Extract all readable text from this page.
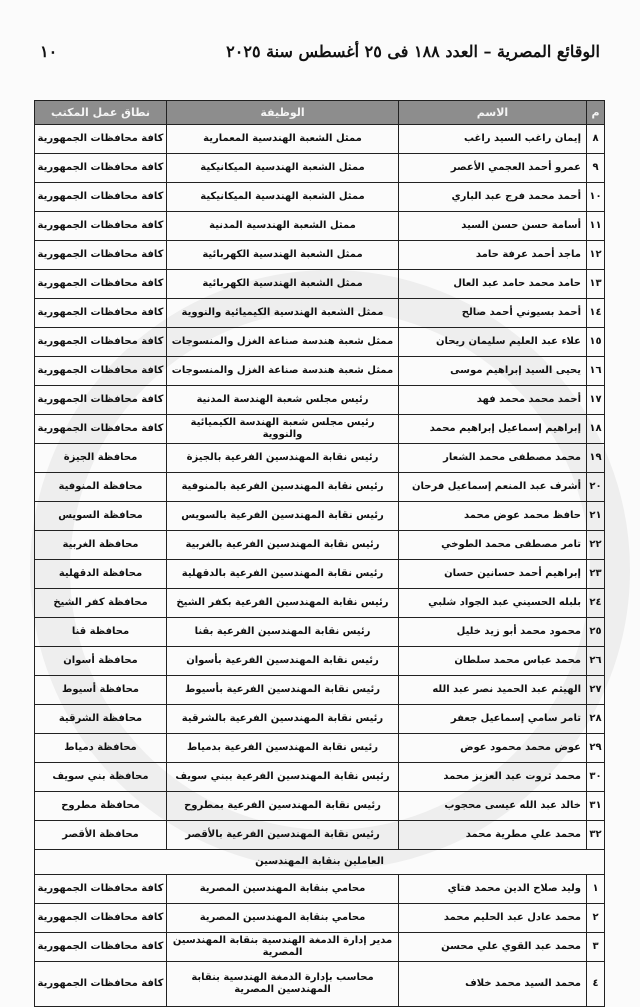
الوقائع المصرية – العدد ١٨٨ فى ٢٥ أغسطس سنة ٢٠٢٥
١٠
م	الاسم	الوظيفة	نطاق عمل المكتب
٨	إيمان راغب السيد راغب	ممثل الشعبة الهندسية المعمارية	كافة محافظات الجمهورية
٩	عمرو أحمد العجمي الأعصر	ممثل الشعبة الهندسية الميكانيكية	كافة محافظات الجمهورية
١٠	أحمد محمد فرج عبد الباري	ممثل الشعبة الهندسية الميكانيكية	كافة محافظات الجمهورية
١١	أسامة حسن حسن السيد	ممثل الشعبة الهندسية المدنية	كافة محافظات الجمهورية
١٢	ماجد أحمد عرفة حامد	ممثل الشعبة الهندسية الكهربائية	كافة محافظات الجمهورية
١٣	حامد محمد حامد عبد العال	ممثل الشعبة الهندسية الكهربائية	كافة محافظات الجمهورية
١٤	أحمد بسيوني أحمد صالح	ممثل الشعبة الهندسية الكيميائية والنووية	كافة محافظات الجمهورية
١٥	علاء عبد العليم سليمان ريحان	ممثل شعبة هندسة صناعة الغزل والمنسوجات	كافة محافظات الجمهورية
١٦	يحيى السيد إبراهيم موسى	ممثل شعبة هندسة صناعة الغزل والمنسوجات	كافة محافظات الجمهورية
١٧	أحمد محمد محمد فهد	رئيس مجلس شعبة الهندسة المدنية	كافة محافظات الجمهورية
١٨	إبراهيم إسماعيل إبراهيم محمد	رئيس مجلس شعبة الهندسة الكيميائية والنووية	كافة محافظات الجمهورية
١٩	محمد مصطفى محمد الشعار	رئيس نقابة المهندسين الفرعية بالجيزة	محافظة الجيزة
٢٠	أشرف عبد المنعم إسماعيل فرحان	رئيس نقابة المهندسين الفرعية بالمنوفية	محافظة المنوفية
٢١	حافظ محمد عوض محمد	رئيس نقابة المهندسين الفرعية بالسويس	محافظة السويس
٢٢	تامر مصطفى محمد الطوخي	رئيس نقابة المهندسين الفرعية بالغربية	محافظة الغربية
٢٣	إبراهيم أحمد حسانين حسان	رئيس نقابة المهندسين الفرعية بالدقهلية	محافظة الدقهلية
٢٤	بلبله الحسيني عبد الجواد شلبي	رئيس نقابة المهندسين الفرعية بكفر الشيخ	محافظة كفر الشيخ
٢٥	محمود محمد أبو زيد خليل	رئيس نقابة المهندسين الفرعية بقنا	محافظة قنا
٢٦	محمد عباس محمد سلطان	رئيس نقابة المهندسين الفرعية بأسوان	محافظة أسوان
٢٧	الهيثم عبد الحميد نصر عبد الله	رئيس نقابة المهندسين الفرعية بأسيوط	محافظة أسيوط
٢٨	تامر سامي إسماعيل جعفر	رئيس نقابة المهندسين الفرعية بالشرقية	محافظة الشرقية
٢٩	عوض محمد محمود عوض	رئيس نقابة المهندسين الفرعية بدمياط	محافظة دمياط
٣٠	محمد ثروت عبد العزيز محمد	رئيس نقابة المهندسين الفرعية ببني سويف	محافظة بني سويف
٣١	خالد عبد الله عيسى محجوب	رئيس نقابة المهندسين الفرعية بمطروح	محافظة مطروح
٣٢	محمد علي مطرية محمد	رئيس نقابة المهندسين الفرعية بالأقصر	محافظة الأقصر
العاملين بنقابة المهندسين			
١	وليد صلاح الدين محمد فتاي	محامي بنقابة المهندسين المصرية	كافة محافظات الجمهورية
٢	محمد عادل عبد الحليم محمد	محامي بنقابة المهندسين المصرية	كافة محافظات الجمهورية
٣	محمد عبد القوي علي محسن	مدير إدارة الدمغة الهندسية بنقابة المهندسين المصرية	كافة محافظات الجمهورية
٤	محمد السيد محمد خلاف	محاسب بإدارة الدمغة الهندسية بنقابة المهندسين المصرية	كافة محافظات الجمهورية
